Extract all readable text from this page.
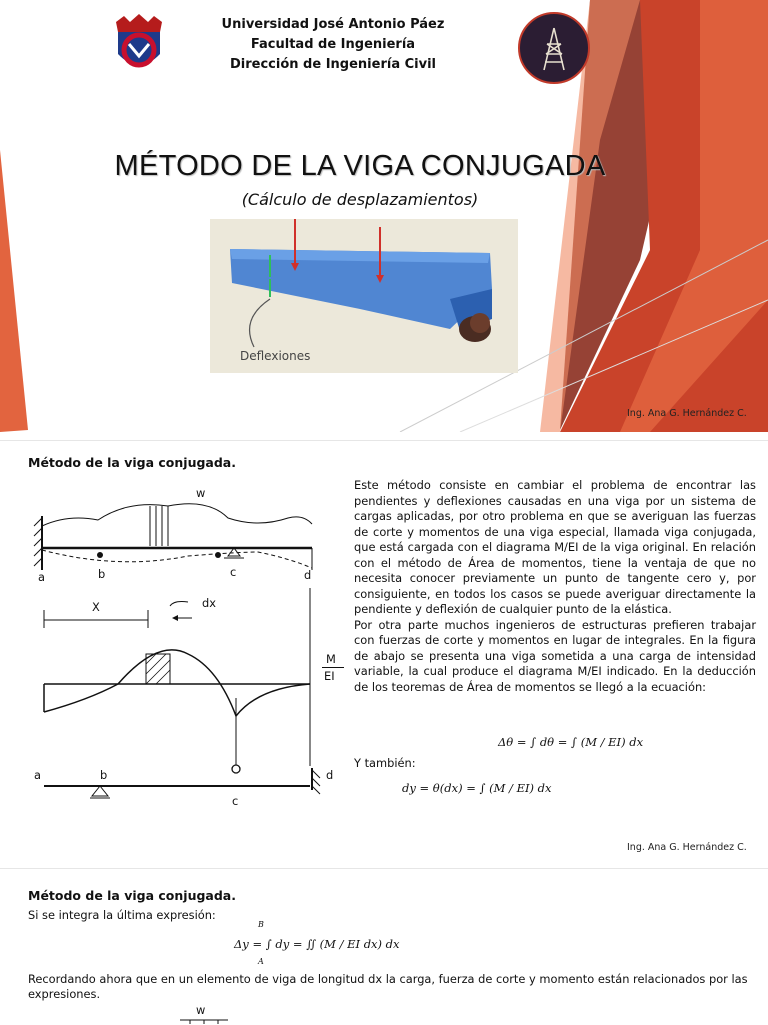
Universidad José Antonio Páez
Facultad de Ingeniería
Dirección de Ingeniería Civil
MÉTODO DE LA VIGA CONJUGADA
(Cálculo de desplazamientos)
Deflexiones
Ing. Ana G. Hernández C.
Método de la viga conjugada.
w
a	b	c	d
X	dx
M
EI
a	b
c
d

Este método consiste en cambiar el problema de encontrar las pendientes y deflexiones causadas en una viga por un sistema de cargas aplicadas, por otro problema en que se averiguan las fuerzas de corte y momentos de una viga especial, llamada viga conjugada, que está cargada con el diagrama M/EI de la viga original. En relación con el método de Área de momentos, tiene la ventaja de que no necesita conocer previamente un punto de tangente cero y, por consiguiente, en todos los casos se puede averiguar directamente la pendiente y deflexión de cualquier punto de la elástica.

Por otra parte muchos ingenieros de estructuras prefieren trabajar con fuerzas de corte y momentos en lugar de integrales. En la figura de abajo se presenta una viga sometida a una carga de intensidad variable, la cual produce el diagrama M/EI indicado. En la deducción de los teoremas de Área de momentos se llegó a la ecuación:

Δθ = ∫ dθ = ∫ (M / EI) dx
Y también:
dy = θ(dx) = ∫ (M / EI) dx
Ing. Ana G. Hernández C.
Método de la viga conjugada.
Si se integra la última expresión:
B
Δy = ∫ dy = ∬ (M / EI dx) dx
A
Recordando ahora que en un elemento de viga de longitud dx la carga, fuerza de corte y momento están relacionados por las expresiones.
w
